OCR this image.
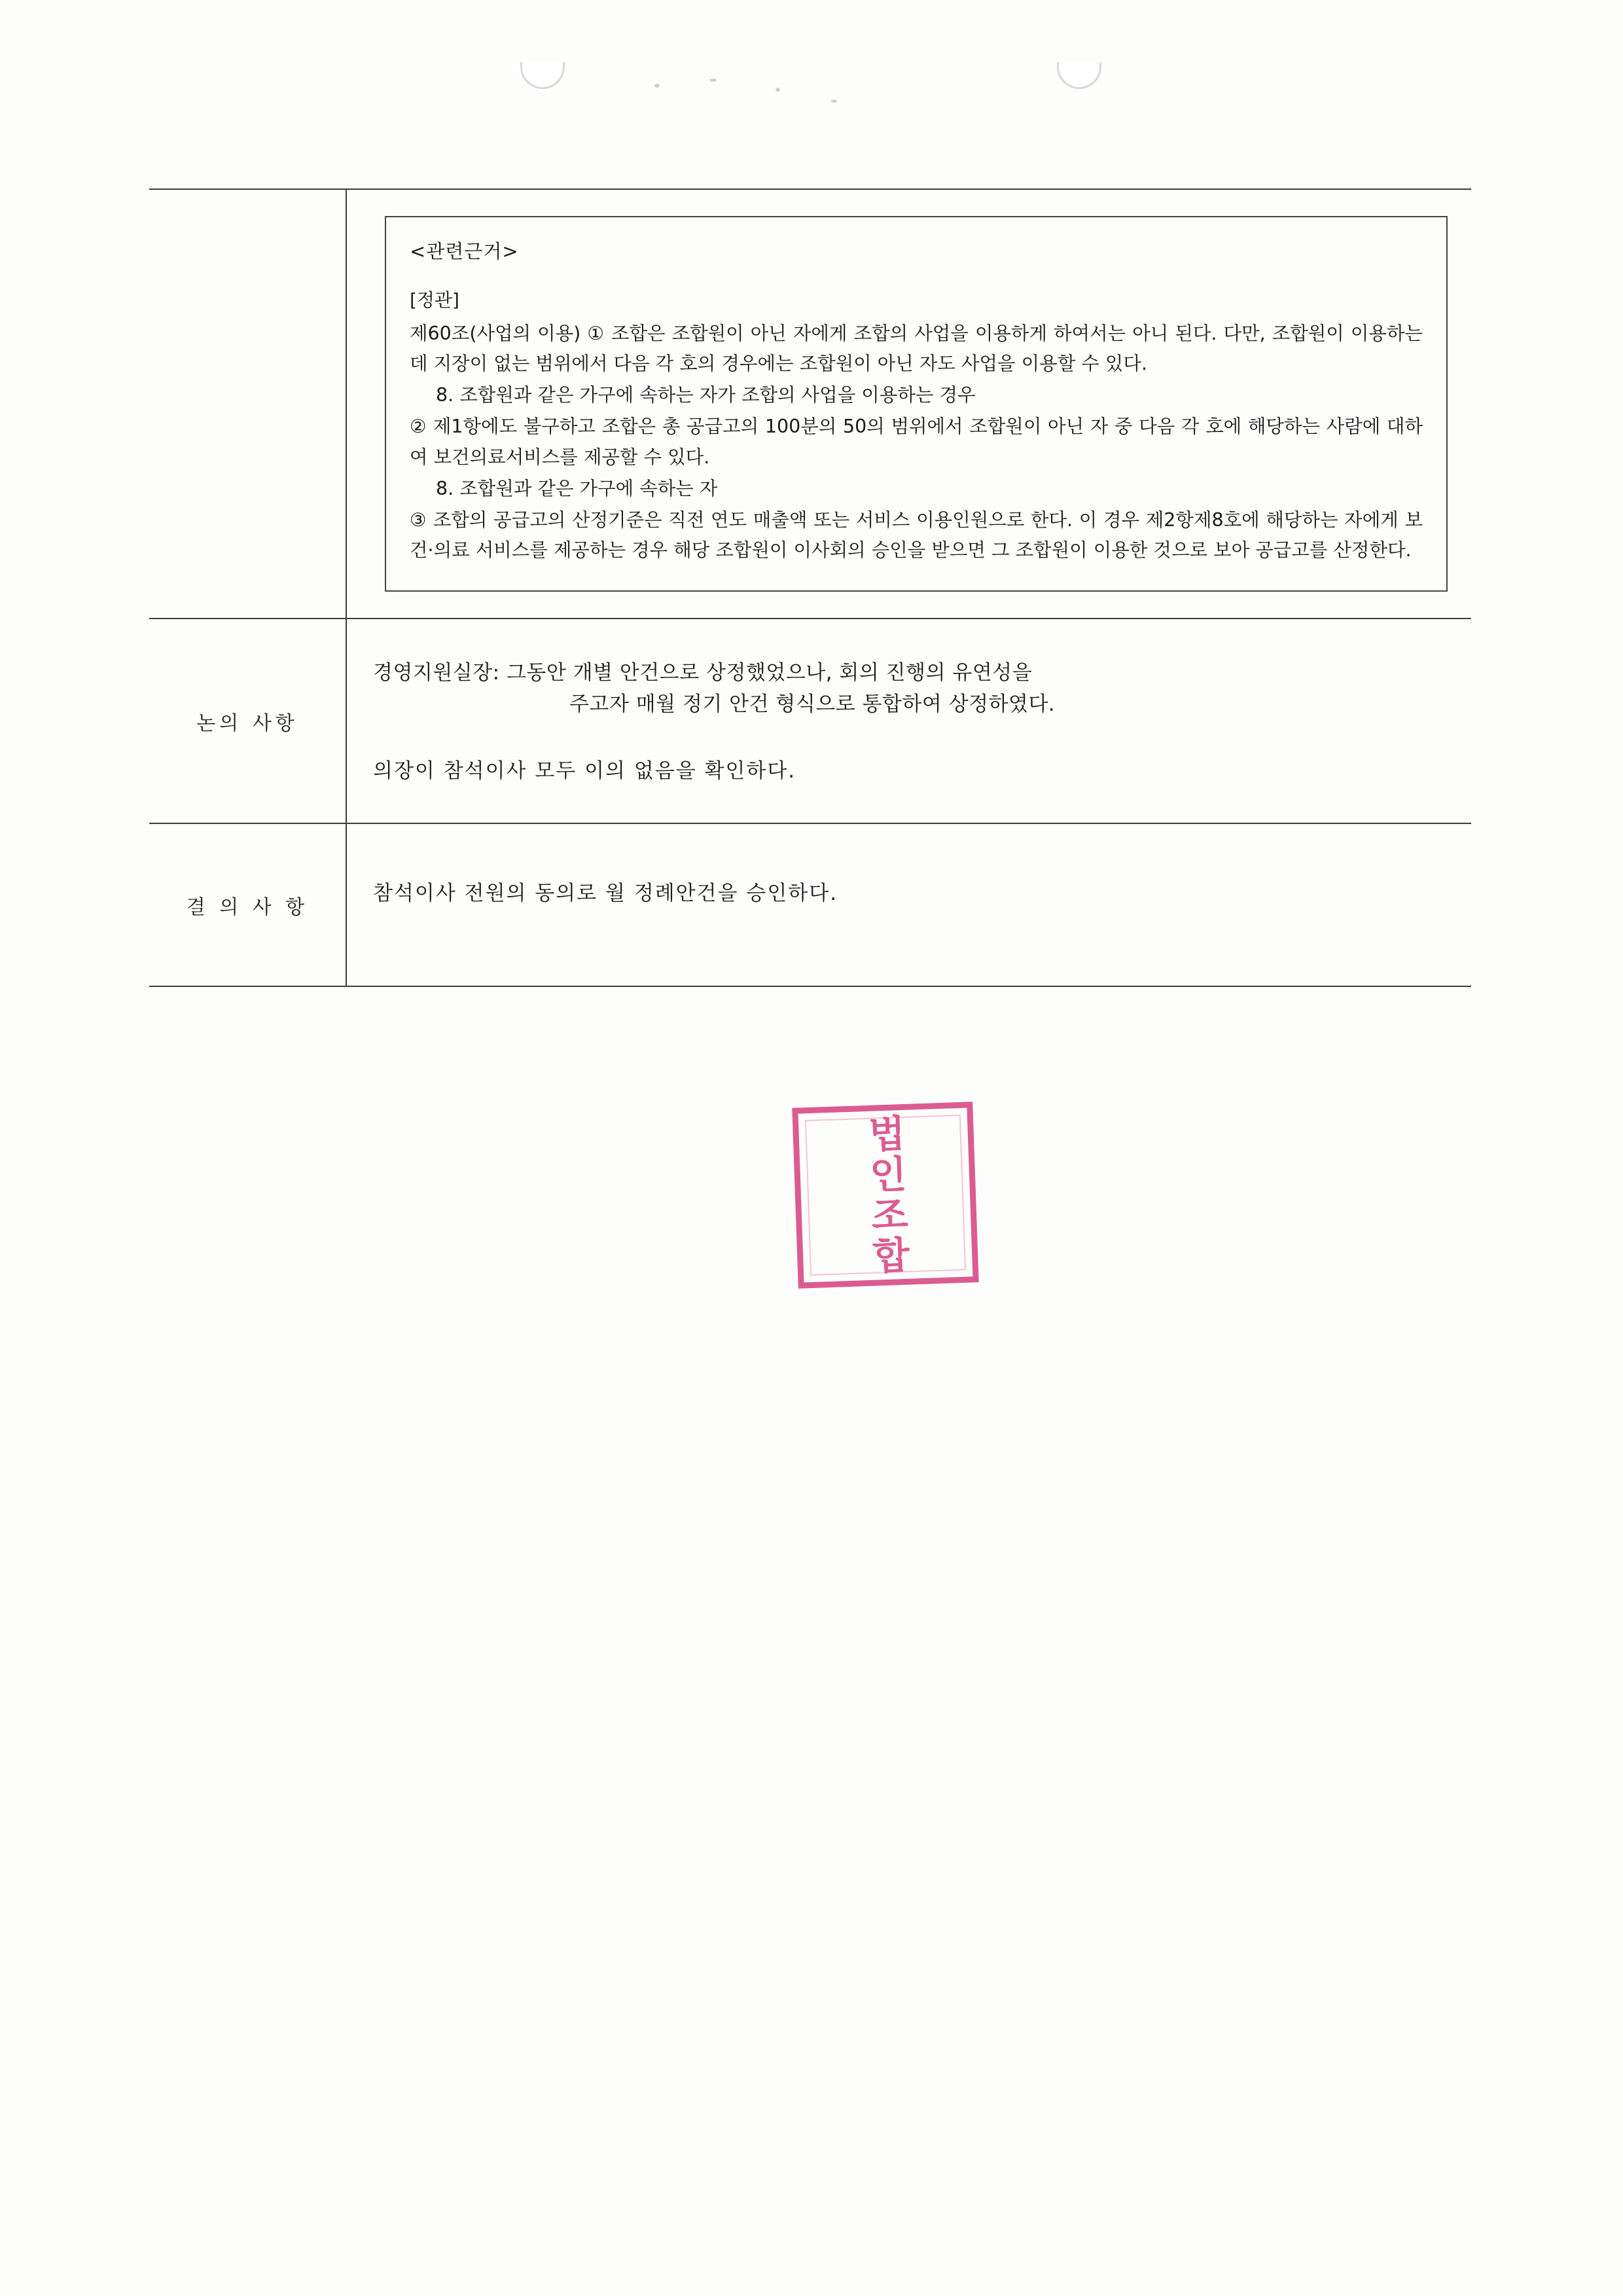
<관련근거>
[정관]

제60조(사업의 이용) ① 조합은 조합원이 아닌 자에게 조합의 사업을 이용하게 하여서는 아니 된다. 다만, 조합원이 이용하는데 지장이 없는 범위에서 다음 각 호의 경우에는 조합원이 아닌 자도 사업을 이용할 수 있다.

8. 조합원과 같은 가구에 속하는 자가 조합의 사업을 이용하는 경우

② 제1항에도 불구하고 조합은 총 공급고의 100분의 50의 범위에서 조합원이 아닌 자 중 다음 각 호에 해당하는 사람에 대하여 보건의료서비스를 제공할 수 있다.

8. 조합원과 같은 가구에 속하는 자

③ 조합의 공급고의 산정기준은 직전 연도 매출액 또는 서비스 이용인원으로 한다. 이 경우 제2항제8호에 해당하는 자에게 보건·의료 서비스를 제공하는 경우 해당 조합원이 이사회의 승인을 받으면 그 조합원이 이용한 것으로 보아 공급고를 산정한다.

논의 사항

경영지원실장: 그동안 개별 안건으로 상정했었으나, 회의 진행의 유연성을

주고자 매월 정기 안건 형식으로 통합하여 상정하였다.

의장이 참석이사 모두 이의 없음을 확인하다.

결 의 사 항

참석이사 전원의 동의로 월 정례안건을 승인하다.

법인조합
